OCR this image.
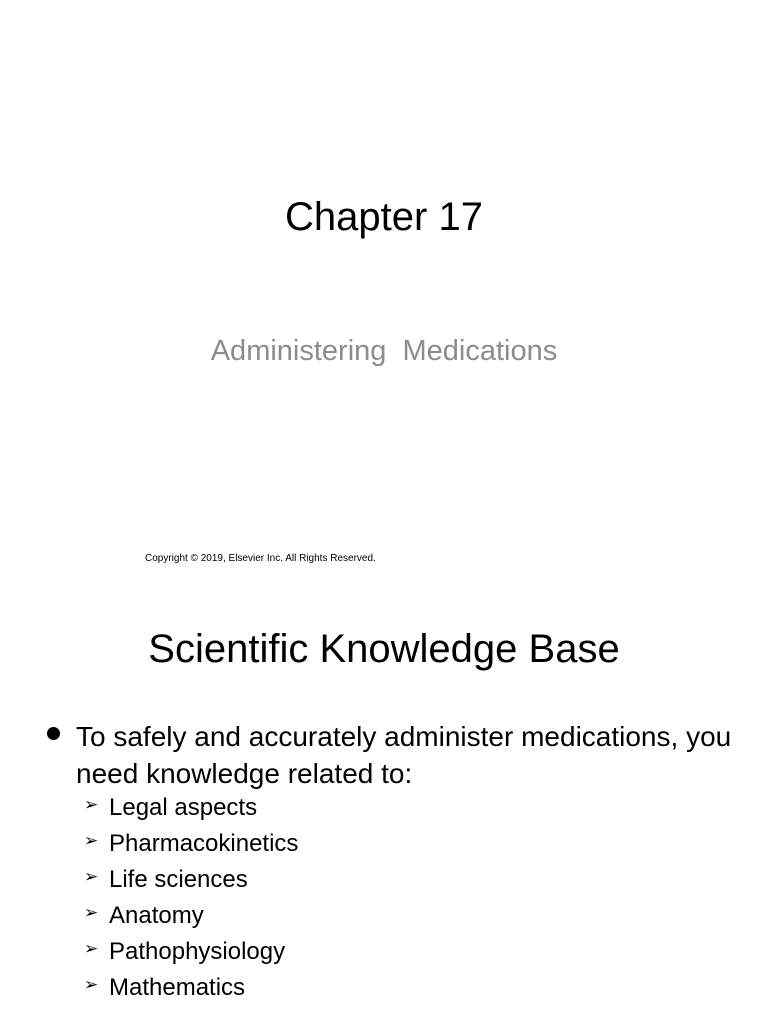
Chapter 17
Administering  Medications
Copyright © 2019, Elsevier Inc. All Rights Reserved.
Scientific Knowledge Base
To safely and accurately administer medications, you need knowledge related to:
➢ Legal aspects
➢ Pharmacokinetics
➢ Life sciences
➢ Anatomy
➢ Pathophysiology
➢ Mathematics
